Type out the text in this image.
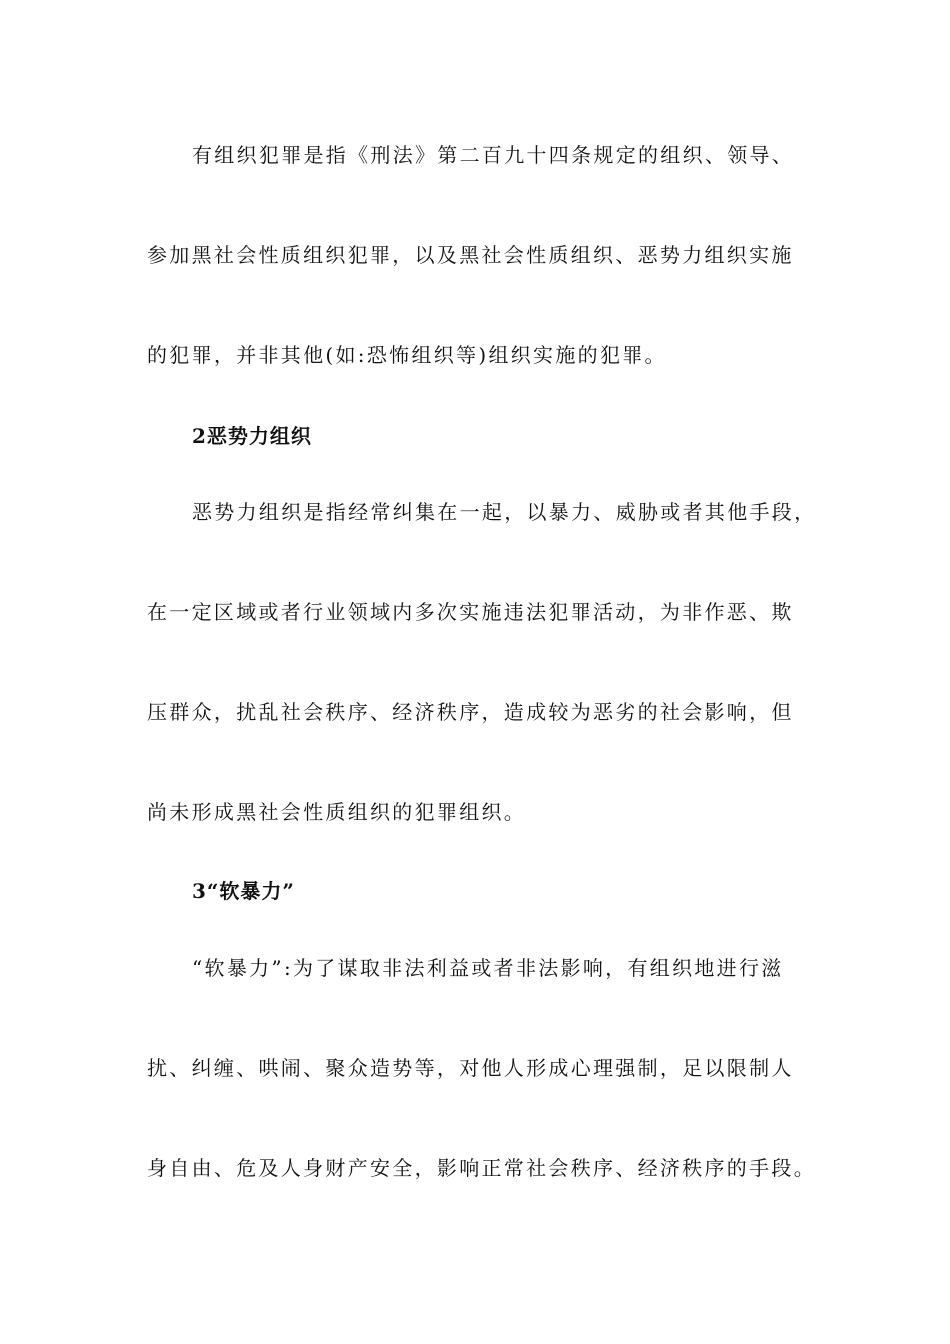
有组织犯罪是指《刑法》第二百九十四条规定的组织、领导、
参加黑社会性质组织犯罪，以及黑社会性质组织、恶势力组织实施
的犯罪，并非其他(如:恐怖组织等)组织实施的犯罪。
2恶势力组织
恶势力组织是指经常纠集在一起，以暴力、威胁或者其他手段，
在一定区域或者行业领域内多次实施违法犯罪活动，为非作恶、欺
压群众，扰乱社会秩序、经济秩序，造成较为恶劣的社会影响，但
尚未形成黑社会性质组织的犯罪组织。
3“软暴力”
“软暴力”:为了谋取非法利益或者非法影响，有组织地进行滋
扰、纠缠、哄闹、聚众造势等，对他人形成心理强制，足以限制人
身自由、危及人身财产安全，影响正常社会秩序、经济秩序的手段。
